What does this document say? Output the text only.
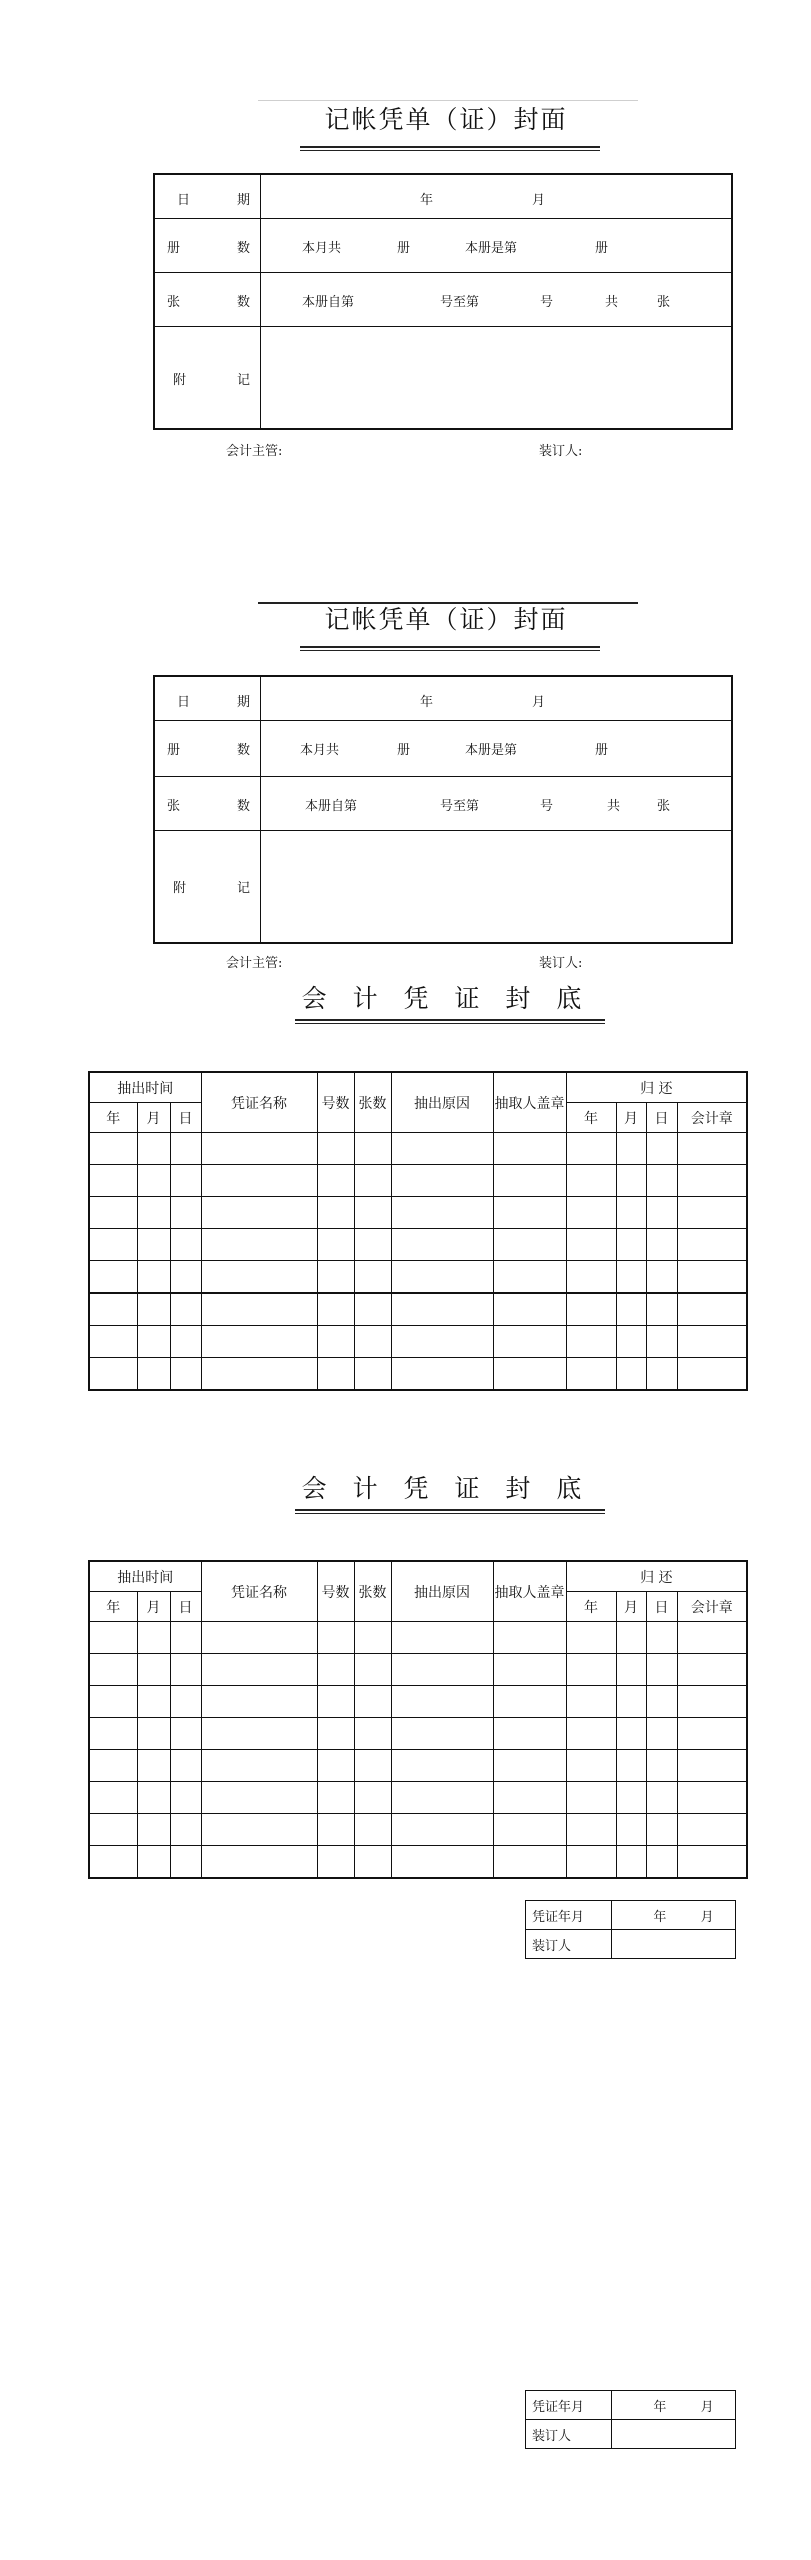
记帐凭单（证）封面
日	期	年	月
册	数	本月共	册	本册是第	册
张	数	本册自第	号至第	号	共	张
附	记
会计主管:	装订人:
记帐凭单（证）封面
日	期	年	月
册	数	本月共	册	本册是第	册
张	数	本册自第	号至第	号	共	张
附	记
会计主管:	装订人:
会 计 凭 证 封 底
抽出时间			凭证名称	号数	张数	抽出原因	抽取人盖章	归 还			
年	月	日						年	月	日	会计章

会 计 凭 证 封 底
抽出时间			凭证名称	号数	张数	抽出原因	抽取人盖章	归 还			
年	月	日						年	月	日	会计章

凭证年月	年 月
装订人	
凭证年月	年 月
装订人	
